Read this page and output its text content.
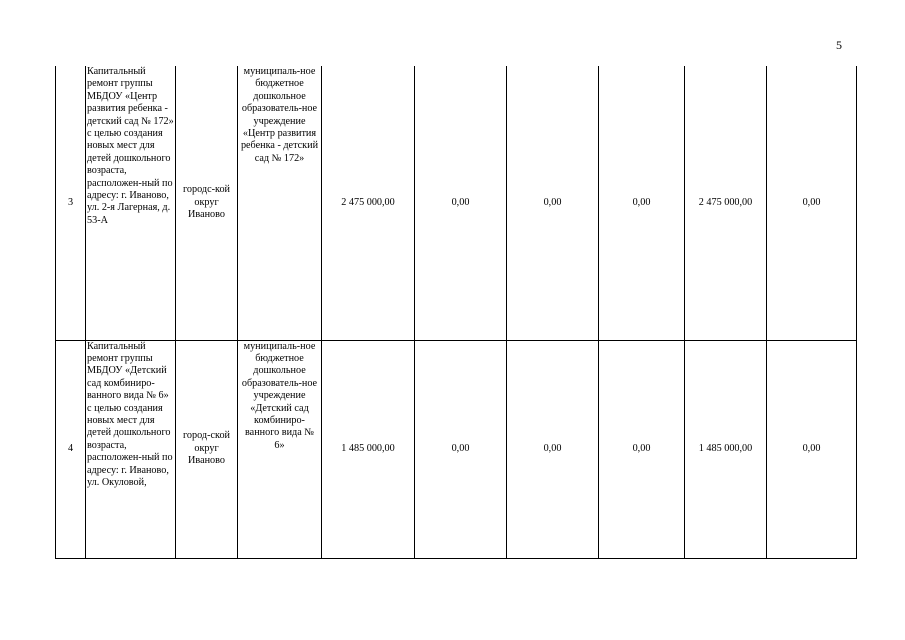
5
3	Капитальный ремонт группы МБДОУ «Центр развития ребенка - детский сад № 172» с целью создания новых мест для детей дошкольного возраста, расположен-ный по адресу: г. Иваново, ул. 2-я Лагерная, д. 53-А	городс-кой округ Иваново	муниципаль-ное бюджетное дошкольное образователь-ное учреждение «Центр развития ребенка - детский сад № 172»	2 475 000,00	0,00	0,00	0,00	2 475 000,00	0,00
4	Капитальный ремонт группы МБДОУ «Детский сад комбиниро-ванного вида № 6» с целью создания новых мест для детей дошкольного возраста, расположен-ный по адресу: г. Иваново, ул. Окуловой,	город-ской округ Иваново	муниципаль-ное бюджетное дошкольное образователь-ное учреждение «Детский сад комбиниро-ванного вида № 6»	1 485 000,00	0,00	0,00	0,00	1 485 000,00	0,00
